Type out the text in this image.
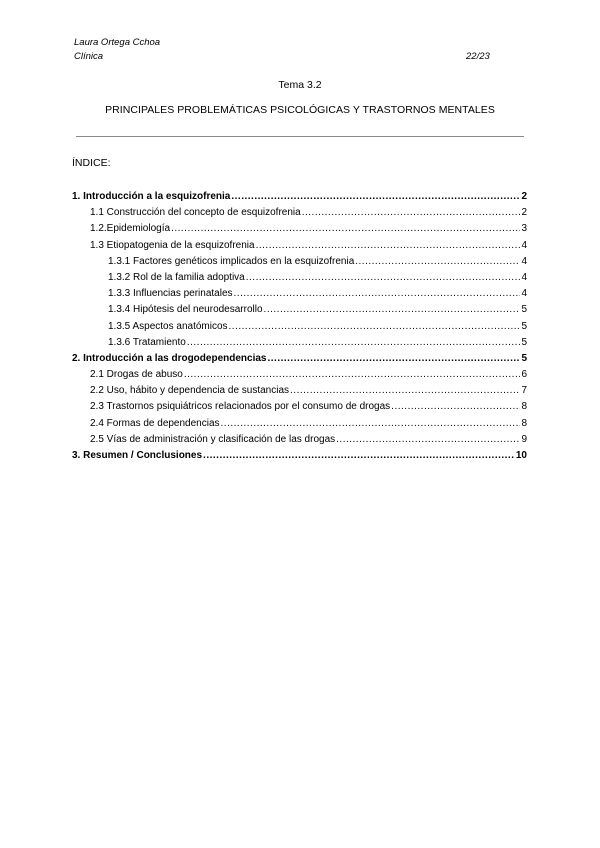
Laura Ortega Cchoa
Clínica	22/23
Tema 3.2
PRINCIPALES PROBLEMÁTICAS PSICOLÓGICAS Y TRASTORNOS MENTALES
ÍNDICE:
1. Introducción a la esquizofrenia .....	2
1.1 Construcción del concepto de esquizofrenia .....	2
1.2.Epidemiología .....	3
1.3 Etiopatogenia de la esquizofrenia .....	4
1.3.1 Factores genéticos implicados en la esquizofrenia .....	4
1.3.2 Rol de la familia adoptiva .....	4
1.3.3 Influencias perinatales .....	4
1.3.4 Hipótesis del neurodesarrollo .....	5
1.3.5 Aspectos anatómicos .....	5
1.3.6 Tratamiento .....	5
2. Introducción a las drogodependencias .....	5
2.1 Drogas de abuso .....	6
2.2 Uso, hábito y dependencia de sustancias .....	7
2.3 Trastornos psiquiátricos relacionados por el consumo de drogas .....	8
2.4 Formas de dependencias .....	8
2.5 Vías de administración y clasificación de las drogas .....	9
3. Resumen / Conclusiones .....	10
